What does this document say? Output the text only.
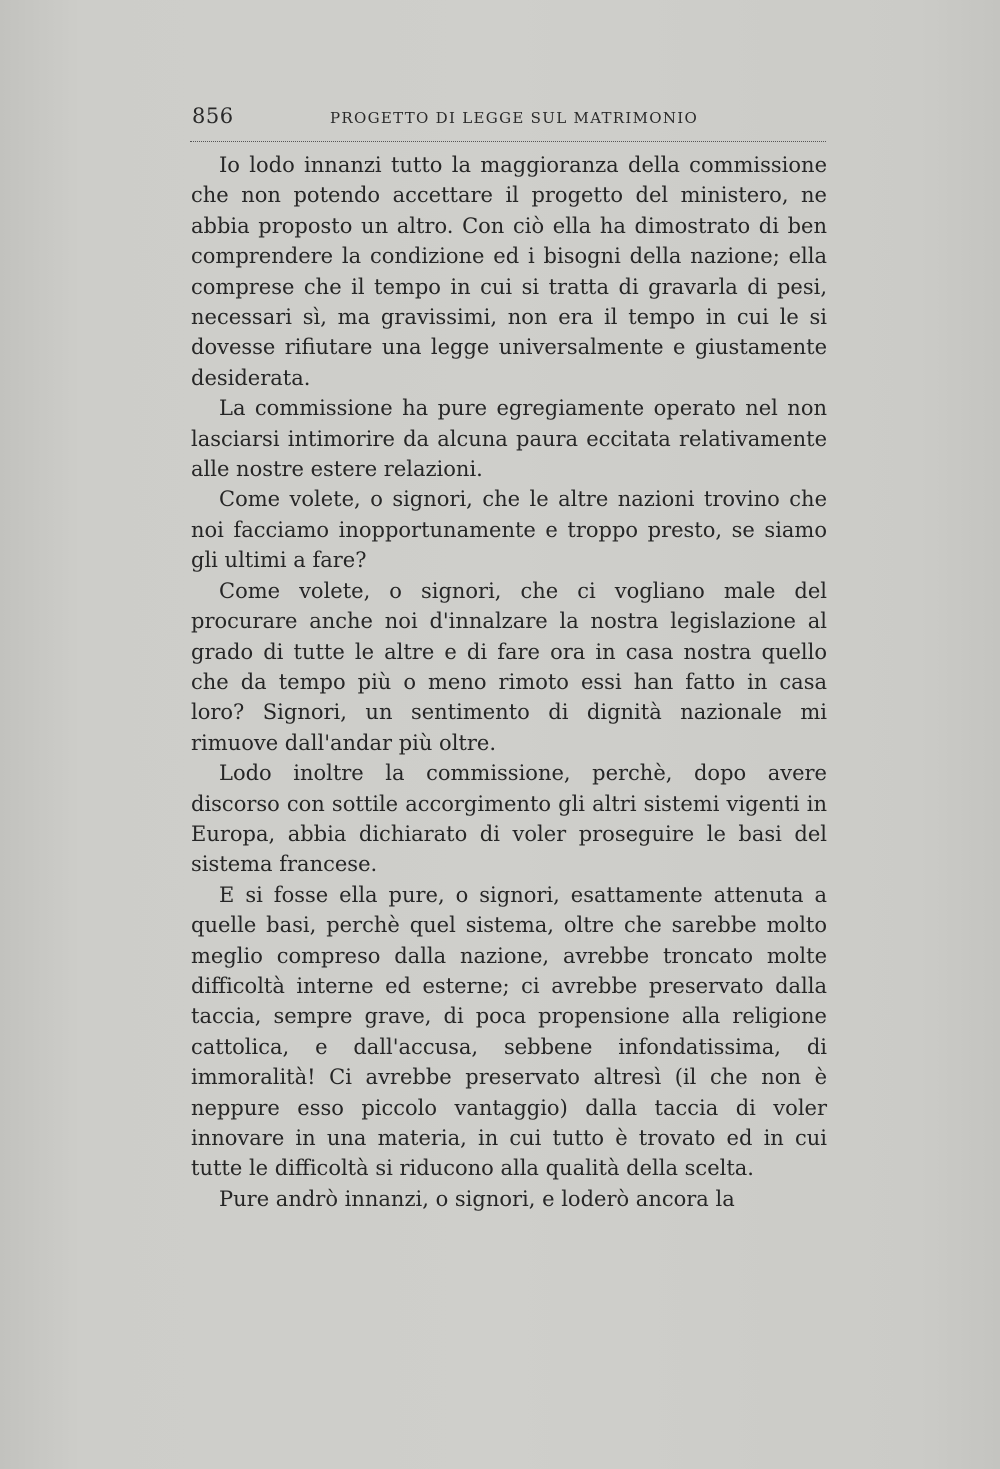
856	PROGETTO DI LEGGE SUL MATRIMONIO

Io lodo innanzi tutto la maggioranza della commissione che non potendo accettare il progetto del ministero, ne abbia proposto un altro. Con ciò ella ha dimostrato di ben comprendere la condizione ed i bisogni della nazione; ella comprese che il tempo in cui si tratta di gravarla di pesi, necessari sì, ma gravissimi, non era il tempo in cui le si dovesse rifiutare una legge universalmente e giustamente desiderata.

La commissione ha pure egregiamente operato nel non lasciarsi intimorire da alcuna paura eccitata relativamente alle nostre estere relazioni.

Come volete, o signori, che le altre nazioni trovino che noi facciamo inopportunamente e troppo presto, se siamo gli ultimi a fare?

Come volete, o signori, che ci vogliano male del procurare anche noi d'innalzare la nostra legislazione al grado di tutte le altre e di fare ora in casa nostra quello che da tempo più o meno rimoto essi han fatto in casa loro? Signori, un sentimento di dignità nazionale mi rimuove dall'andar più oltre.

Lodo inoltre la commissione, perchè, dopo avere discorso con sottile accorgimento gli altri sistemi vigenti in Europa, abbia dichiarato di voler proseguire le basi del sistema francese.

E si fosse ella pure, o signori, esattamente attenuta a quelle basi, perchè quel sistema, oltre che sarebbe molto meglio compreso dalla nazione, avrebbe troncato molte difficoltà interne ed esterne; ci avrebbe preservato dalla taccia, sempre grave, di poca propensione alla religione cattolica, e dall'accusa, sebbene infondatissima, di immoralità! Ci avrebbe preservato altresì (il che non è neppure esso piccolo vantaggio) dalla taccia di voler innovare in una materia, in cui tutto è trovato ed in cui tutte le difficoltà si riducono alla qualità della scelta.

Pure andrò innanzi, o signori, e loderò ancora la
